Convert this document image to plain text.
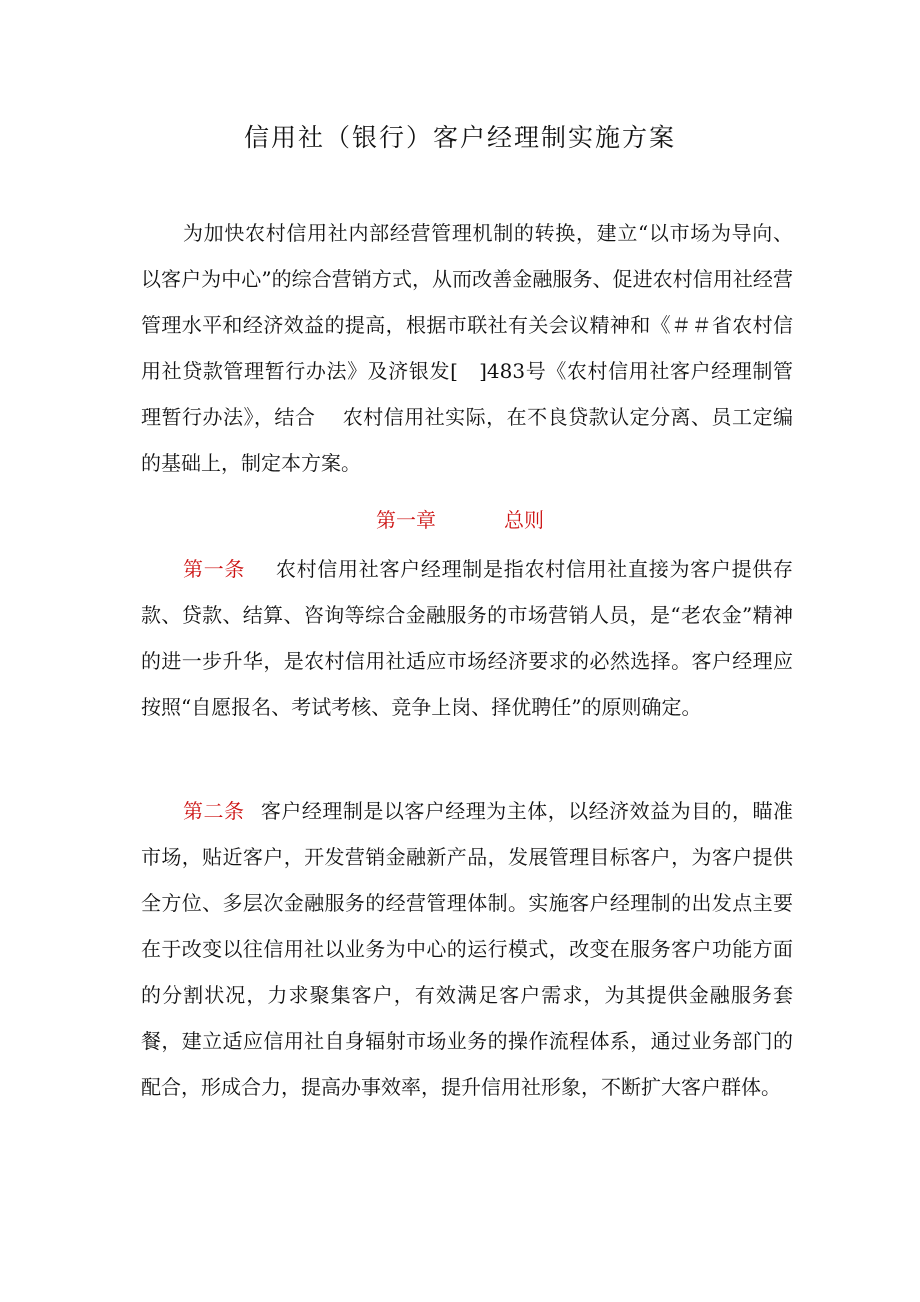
信用社（银行）客户经理制实施方案

为加快农村信用社内部经营管理机制的转换，建立“以市场为导向、以客户为中心”的综合营销方式，从而改善金融服务、促进农村信用社经营管理水平和经济效益的提高，根据市联社有关会议精神和《＃＃省农村信用社贷款管理暂行办法》及济银发[　]483号《农村信用社客户经理制管理暂行办法》，结合　 农村信用社实际，在不良贷款认定分离、员工定编的基础上，制定本方案。

第一章	总则

第一条 农村信用社客户经理制是指农村信用社直接为客户提供存款、贷款、结算、咨询等综合金融服务的市场营销人员，是“老农金”精神的进一步升华，是农村信用社适应市场经济要求的必然选择。客户经理应按照“自愿报名、考试考核、竞争上岗、择优聘任”的原则确定。

第二条 客户经理制是以客户经理为主体，以经济效益为目的，瞄准市场，贴近客户，开发营销金融新产品，发展管理目标客户，为客户提供全方位、多层次金融服务的经营管理体制。实施客户经理制的出发点主要在于改变以往信用社以业务为中心的运行模式，改变在服务客户功能方面的分割状况，力求聚集客户，有效满足客户需求，为其提供金融服务套餐，建立适应信用社自身辐射市场业务的操作流程体系，通过业务部门的配合，形成合力，提高办事效率，提升信用社形象，不断扩大客户群体。
